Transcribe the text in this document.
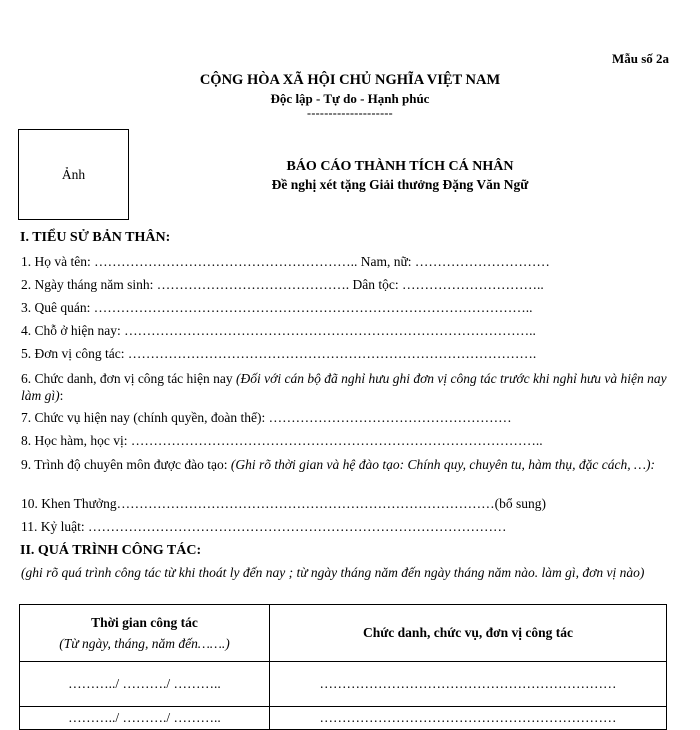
Mẫu số 2a
CỘNG HÒA XÃ HỘI CHỦ NGHĨA VIỆT NAM
Độc lập - Tự do - Hạnh phúc
--------------------
Ảnh	BÁO CÁO THÀNH TÍCH CÁ NHÂN
Đề nghị xét tặng Giải thưởng Đặng Văn Ngữ
I. TIỂU SỬ BẢN THÂN:
1. Họ và tên: ………………………………………………….. Nam, nữ: …………………………
2. Ngày tháng năm sinh: ……………………………………. Dân tộc: …………………………..
3. Quê quán: ……………………………………………………………………………………..
4. Chỗ ở hiện nay: ………………………………………………………………………………..
5. Đơn vị công tác: ……………………………………………………………………………….
6. Chức danh, đơn vị công tác hiện nay (Đối với cán bộ đã nghỉ hưu ghi đơn vị công tác trước khi nghỉ hưu và hiện nay làm gì):
7. Chức vụ hiện nay (chính quyền, đoàn thể): ………………………………………………
8. Học hàm, học vị: ………………………………………………………………………………..
9. Trình độ chuyên môn được đào tạo: (Ghi rõ thời gian và hệ đào tạo: Chính quy, chuyên tu, hàm thụ, đặc cách, …):
10. Khen Thưởng…………………………………………………………………………(bổ sung)
11. Kỷ luật: …………………………………………………………………………………
II. QUÁ TRÌNH CÔNG TÁC:
(ghi rõ quá trình công tác từ khi thoát ly đến nay ; từ ngày tháng năm đến ngày tháng năm nào. làm gì, đơn vị nào)
Thời gian công tác
(Từ ngày, tháng, năm đến…….)	Chức danh, chức vụ, đơn vị công tác
………../ ………./ ………..	…………………………………………………………
………../ ………./ ………..	…………………………………………………………
